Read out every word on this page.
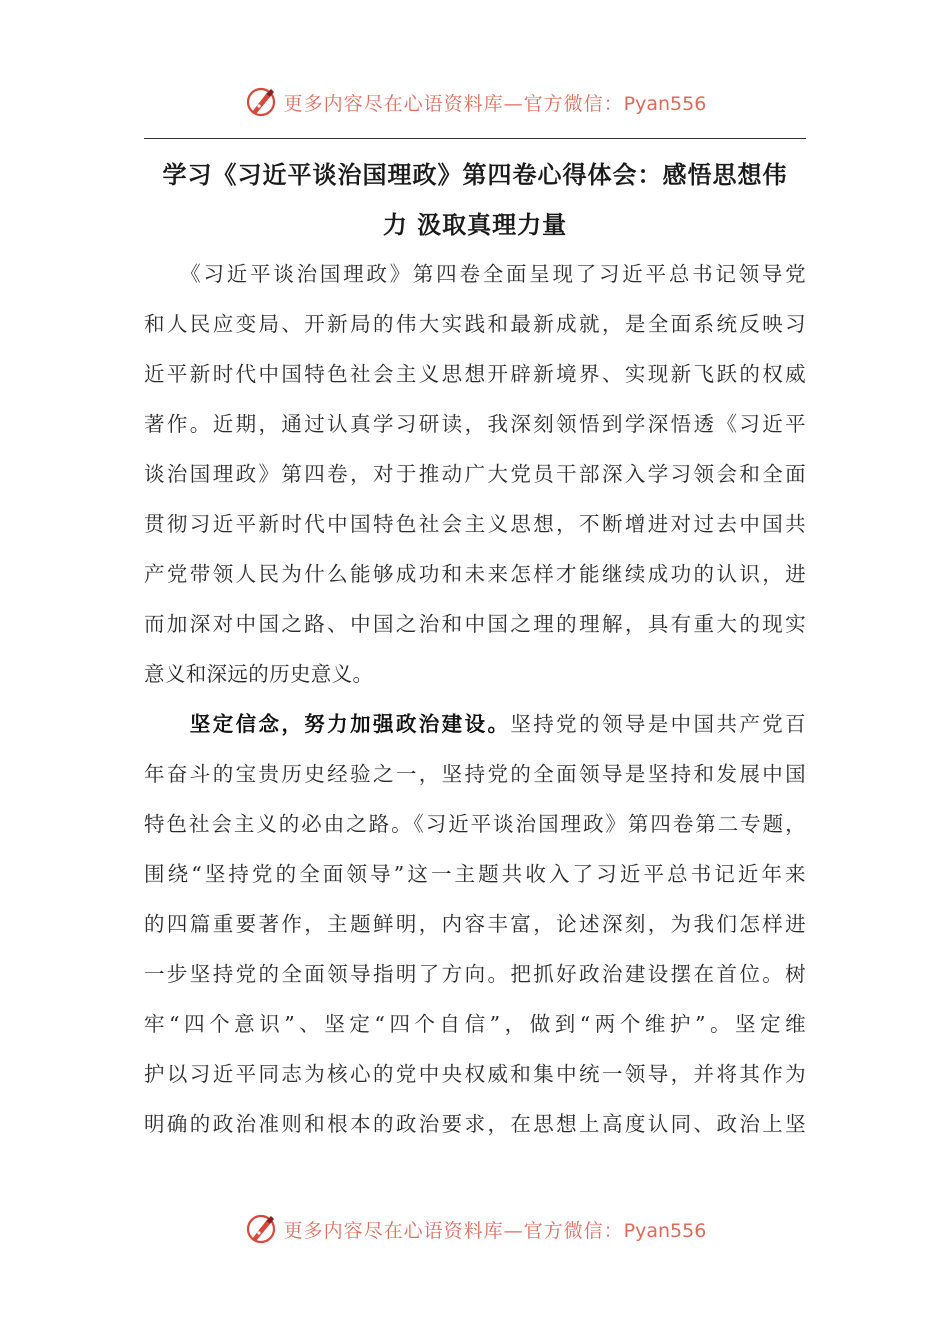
更多内容尽在心语资料库—官方微信：Pyan556
学习《习近平谈治国理政》第四卷心得体会：感悟思想伟
力 汲取真理力量
　　《习近平谈治国理政》第四卷全面呈现了习近平总书记领导党
和人民应变局、开新局的伟大实践和最新成就，是全面系统反映习
近平新时代中国特色社会主义思想开辟新境界、实现新飞跃的权威
著作。近期，通过认真学习研读，我深刻领悟到学深悟透《习近平
谈治国理政》第四卷，对于推动广大党员干部深入学习领会和全面
贯彻习近平新时代中国特色社会主义思想，不断增进对过去中国共
产党带领人民为什么能够成功和未来怎样才能继续成功的认识，进
而加深对中国之路、中国之治和中国之理的理解，具有重大的现实
意义和深远的历史意义。
　　坚定信念，努力加强政治建设。坚持党的领导是中国共产党百
年奋斗的宝贵历史经验之一，坚持党的全面领导是坚持和发展中国
特色社会主义的必由之路。《习近平谈治国理政》第四卷第二专题，
围绕“坚持党的全面领导”这一主题共收入了习近平总书记近年来
的四篇重要著作，主题鲜明，内容丰富，论述深刻，为我们怎样进
一步坚持党的全面领导指明了方向。把抓好政治建设摆在首位。树
牢“四个意识”、坚定“四个自信”，做到“两个维护”。坚定维
护以习近平同志为核心的党中央权威和集中统一领导，并将其作为
明确的政治准则和根本的政治要求，在思想上高度认同、政治上坚
更多内容尽在心语资料库—官方微信：Pyan556
